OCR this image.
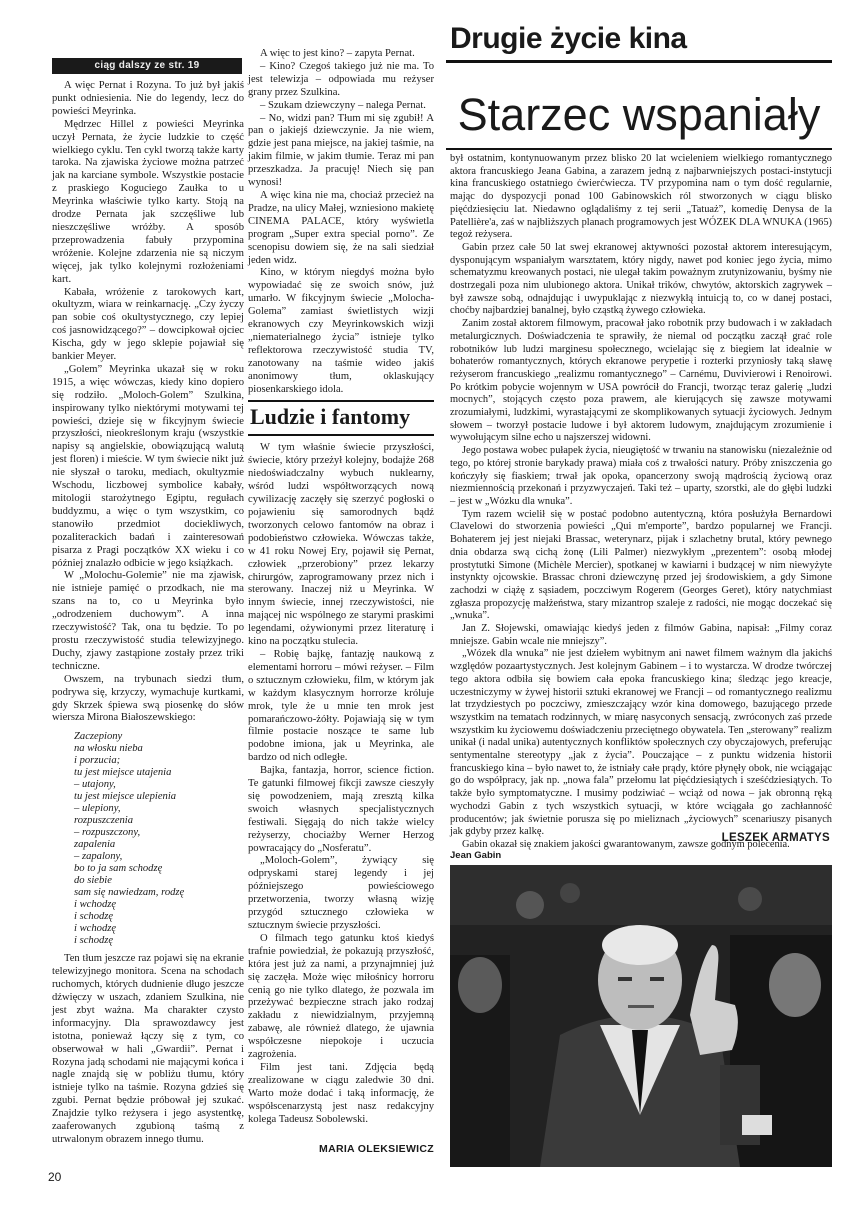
ciąg dalszy ze str. 19

A więc Pernat i Rozyna. To już był jakiś punkt odniesienia. Nie do legendy, lecz do powieści Meyrinka.

Mędrzec Hillel z powieści Meyrinka uczył Pernata, że życie ludzkie to część wielkiego cyklu. Ten cykl tworzą także karty taroka. Na zjawiska życiowe można patrzeć jak na karciane symbole. Wszystkie postacie z praskiego Koguciego Zaułka to u Meyrinka właściwie tylko karty. Stoją na drodze Pernata jak szczęśliwe lub nieszczęśliwe wróżby. A sposób przeprowadzenia fabuły przypomina wróżenie. Kolejne zdarzenia nie są niczym więcej, jak tylko kolejnymi rozłożeniami kart.

Kabała, wróżenie z tarokowych kart, okultyzm, wiara w reinkarnację. „Czy życzy pan sobie coś okultystycznego, czy lepiej coś jasnowidzącego?” – dowcipkował ojciec Kischa, gdy w jego sklepie pojawiał się bankier Meyer.

„Golem” Meyrinka ukazał się w roku 1915, a więc wówczas, kiedy kino dopiero się rodziło. „Moloch-Golem” Szulkina, inspirowany tylko niektórymi motywami tej powieści, dzieje się w fikcyjnym świecie przyszłości, nieokreślonym kraju (wszystkie napisy są angielskie, obowiązującą walutą jest floren) i mieście. W tym świecie nikt już nie słyszał o taroku, mediach, okultyzmie Wschodu, liczbowej symbolice kabały, mitologii starożytnego Egiptu, regułach buddyzmu, a więc o tym wszystkim, co stanowiło przedmiot dociekliwych, pozaliterackich badań i zainteresowań pisarza z Pragi początków XX wieku i co później znalazło odbicie w jego książkach.

W „Molochu-Golemie” nie ma zjawisk, nie istnieje pamięć o przodkach, nie ma szans na to, co u Meyrinka było „odrodzeniem duchowym”. A inna rzeczywistość? Tak, ona tu będzie. To po prostu rzeczywistość studia telewizyjnego. Duchy, zjawy zastąpione zostały przez triki techniczne.

Owszem, na trybunach siedzi tłum, podrywa się, krzyczy, wymachuje kurtkami, gdy Skrzek śpiewa swą piosenkę do słów wiersza Mirona Białoszewskiego:

Zaczepiony
na włosku nieba
i porzucia;
tu jest miejsce utajenia
– utajony,
tu jest miejsce ulepienia
– ulepiony,
rozpuszczenia
– rozpuszczony,
zapalenia
– zapalony,
bo to ja sam schodzę
do siebie
sam się nawiedzam, rodzę
i wchodzę
i schodzę
i wchodzę
i schodzę

Ten tłum jeszcze raz pojawi się na ekranie telewizyjnego monitora. Scena na schodach ruchomych, których dudnienie długo jeszcze dźwięczy w uszach, zdaniem Szulkina, nie jest zbyt ważna. Ma charakter czysto informacyjny. Dla sprawozdawcy jest istotna, ponieważ łączy się z tym, co obserwował w hali „Gwardii”. Pernat i Rozyna jadą schodami nie mającymi końca i nagle znajdą się w pobliżu tłumu, który istnieje tylko na taśmie. Rozyna gdzieś się zgubi. Pernat będzie próbował jej szukać. Znajdzie tylko reżysera i jego asystentkę, zaaferowanych zgubioną taśmą z utrwalonym obrazem innego tłumu.

A więc to jest kino? – zapyta Pernat.

– Kino? Czegoś takiego już nie ma. To jest telewizja – odpowiada mu reżyser grany przez Szulkina.

– Szukam dziewczyny – nalega Pernat.

– No, widzi pan? Tłum mi się zgubił! A pan o jakiejś dziewczynie. Ja nie wiem, gdzie jest pana miejsce, na jakiej taśmie, na jakim filmie, w jakim tłumie. Teraz mi pan przeszkadza. Ja pracuję! Niech się pan wynosi!

A więc kina nie ma, chociaż przecież na Pradze, na ulicy Małej, wzniesiono makietę CINEMA PALACE, który wyświetla program „Super extra special porno”. Ze scenopisu dowiem się, że na sali siedział jeden widz.

Kino, w którym niegdyś można było wypowiadać się ze swoich snów, już umarło. W fikcyjnym świecie „Molocha-Golema” zamiast świetlistych wizji ekranowych czy Meyrinkowskich wizji „niematerialnego życia” istnieje tylko reflektorowa rzeczywistość studia TV, zanotowany na taśmie wideo jakiś anonimowy tłum, oklaskujący piosenkarskiego idola.

Ludzie i fantomy

W tym właśnie świecie przyszłości, świecie, który przeżył kolejny, bodajże 268 niedoświadczalny wybuch nuklearny, wśród ludzi współtworzących nową cywilizację zaczęły się szerzyć pogłoski o pojawieniu się samorodnych bądź tworzonych celowo fantomów na obraz i podobieństwo człowieka. Wówczas także, w 41 roku Nowej Ery, pojawił się Pernat, człowiek „przerobiony” przez lekarzy chirurgów, zaprogramowany przez nich i sterowany. Inaczej niż u Meyrinka. W innym świecie, innej rzeczywistości, nie mającej nic wspólnego ze starymi praskimi legendami, ożywionymi przez literaturę i kino na początku stulecia.

– Robię bajkę, fantazję naukową z elementami horroru – mówi reżyser. – Film o sztucznym człowieku, film, w którym jak w każdym klasycznym horrorze króluje mrok, tyle że u mnie ten mrok jest pomarańczowo-żółty. Pojawiają się w tym filmie postacie noszące te same lub podobne imiona, jak u Meyrinka, ale bardzo od nich odległe.

Bajka, fantazja, horror, science fiction. Te gatunki filmowej fikcji zawsze cieszyły się powodzeniem, mają zresztą kilka swoich własnych specjalistycznych festiwali. Sięgają do nich także wielcy reżyserzy, chociażby Werner Herzog powracający do „Nosferatu”.

„Moloch-Golem”, żywiący się odpryskami starej legendy i jej późniejszego powieściowego przetworzenia, tworzy własną wizję przygód sztucznego człowieka w sztucznym świecie przyszłości.

O filmach tego gatunku ktoś kiedyś trafnie powiedział, że pokazują przyszłość, która jest już za nami, a przynajmniej już się zaczęła. Może więc miłośnicy horroru cenią go nie tylko dlatego, że pozwala im przeżywać bezpieczne strach jako rodzaj zakładu z niewidzialnym, przyjemną zabawę, ale również dlatego, że ujawnia współczesne niepokoje i uczucia zagrożenia.

Film jest tani. Zdjęcia będą zrealizowane w ciągu zaledwie 30 dni. Warto może dodać i taką informację, że współscenarzystą jest nasz redakcyjny kolega Tadeusz Sobolewski.

MARIA OLEKSIEWICZ
Drugie życie kina
Starzec wspaniały

był ostatnim, kontynuowanym przez blisko 20 lat wcieleniem wielkiego romantycznego aktora francuskiego Jeana Gabina, a zarazem jedną z najbarwniejszych postaci-instytucji kina francuskiego ostatniego ćwierćwiecza. TV przypomina nam o tym dość regularnie, mając do dyspozycji ponad 100 Gabinowskich ról stworzonych w ciągu blisko pięćdziesięciu lat. Niedawno oglądaliśmy z tej serii „Tatuaż”, komedię Denysa de la Patellière'a, zaś w najbliższych planach programowych jest WÓZEK DLA WNUKA (1965) tegoż reżysera.

Gabin przez całe 50 lat swej ekranowej aktywności pozostał aktorem interesującym, dysponującym wspaniałym warsztatem, który nigdy, nawet pod koniec jego życia, mimo schematyzmu kreowanych postaci, nie ulegał takim poważnym zrutynizowaniu, byśmy nie dostrzegali poza nim ulubionego aktora. Unikał trików, chwytów, aktorskich zagrywek – był zawsze sobą, odnajdując i uwypuklając z niezwykłą intuicją to, co w danej postaci, choćby najbardziej banalnej, było cząstką żywego człowieka.

Zanim został aktorem filmowym, pracował jako robotnik przy budowach i w zakładach metalurgicznych. Doświadczenia te sprawiły, że niemal od początku zaczął grać role robotników lub ludzi marginesu społecznego, wcielając się z biegiem lat idealnie w bohaterów romantycznych, których ekranowe perypetie i rozterki przyniosły taką sławę reżyserom francuskiego „realizmu romantycznego” – Carnému, Duvivierowi i Renoirowi. Po krótkim pobycie wojennym w USA powrócił do Francji, tworząc teraz galerię „ludzi mocnych”, stojących często poza prawem, ale kierujących się zawsze motywami zrozumiałymi, ludzkimi, wyrastającymi ze skomplikowanych sytuacji życiowych. Jednym słowem – tworzył postacie ludowe i był aktorem ludowym, znajdującym zrozumienie i wywołującym silne echo u najszerszej widowni.

Jego postawa wobec pułapek życia, nieugiętość w trwaniu na stanowisku (niezależnie od tego, po której stronie barykady prawa) miała coś z trwałości natury. Próby zniszczenia go kończyły się fiaskiem; trwał jak opoka, opancerzony swoją mądrością życiową oraz niezmiennością przekonań i przyzwyczajeń. Taki też – uparty, szorstki, ale do głębi ludzki – jest w „Wózku dla wnuka”.

Tym razem wcielił się w postać podobno autentyczną, która posłużyła Bernardowi Clavelowi do stworzenia powieści „Qui m'emporte”, bardzo popularnej we Francji. Bohaterem jej jest niejaki Brassac, weterynarz, pijak i szlachetny brutal, który pewnego dnia obdarza swą cichą żonę (Lili Palmer) niezwykłym „prezentem”: osobą młodej prostytutki Simone (Michèle Mercier), spotkanej w kawiarni i budzącej w nim niewyżyte instynkty ojcowskie. Brassac chroni dziewczynę przed jej środowiskiem, a gdy Simone zachodzi w ciążę z sąsiadem, poczciwym Rogerem (Georges Geret), który natychmiast zgłasza propozycję małżeństwa, stary mizantrop szaleje z radości, nie mogąc doczekać się „wnuka”.

Jan Z. Słojewski, omawiając kiedyś jeden z filmów Gabina, napisał: „Filmy coraz mniejsze. Gabin wcale nie mniejszy”.

„Wózek dla wnuka” nie jest dziełem wybitnym ani nawet filmem ważnym dla jakichś względów pozaartystycznych. Jest kolejnym Gabinem – i to wystarcza. W drodze twórczej tego aktora odbiła się bowiem cała epoka francuskiego kina; śledząc jego kreacje, uczestniczymy w żywej historii sztuki ekranowej we Francji – od romantycznego realizmu lat trzydziestych po poczciwy, zmieszczający wzór kina domowego, bazującego przede wszystkim na tematach rodzinnych, w miarę nasyconych sensacją, zwróconych zaś przede wszystkim ku życiowemu doświadczeniu przeciętnego obywatela. Ten „sterowany” realizm unikał (i nadal unika) autentycznych konfliktów społecznych czy obyczajowych, preferując sentymentalne stereotypy „jak z życia”. Pouczające – z punktu widzenia historii francuskiego kina – było nawet to, że istniały całe prądy, które płynęły obok, nie wciągając go do współpracy, jak np. „nowa fala” przełomu lat pięćdziesiątych i sześćdziesiątych. To także było symptomatyczne. I musimy podziwiać – wciąż od nowa – jak obronną ręką wychodzi Gabin z tych wszystkich sytuacji, w które wciągała go zachłanność producentów; jak świetnie porusza się po mieliznach „życiowych” scenariuszy pisanych jak gdyby przez kalkę.

Gabin okazał się znakiem jakości gwarantowanym, zawsze godnym polecenia.

LESZEK ARMATYS
Jean Gabin
20
